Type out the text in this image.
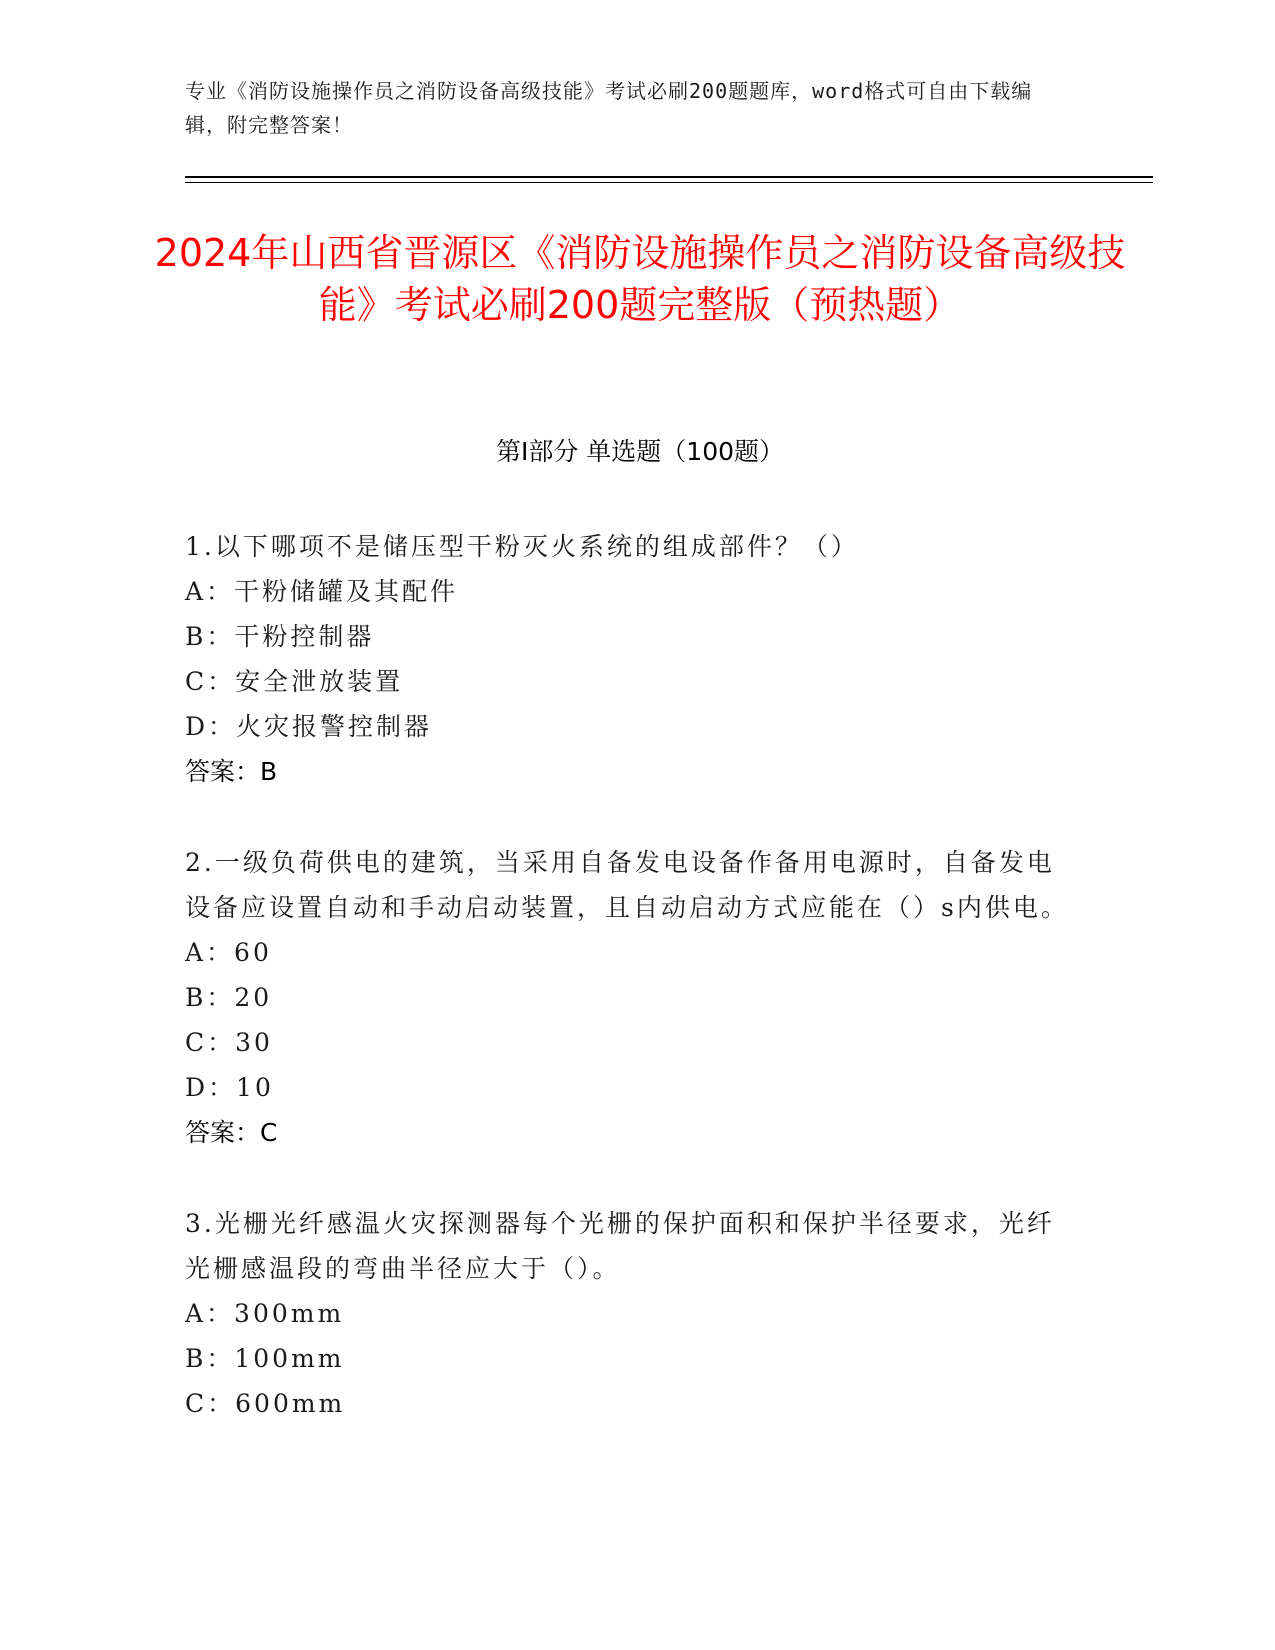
专业《消防设施操作员之消防设备高级技能》考试必刷200题题库，word格式可自由下载编辑，附完整答案！
2024年山西省晋源区《消防设施操作员之消防设备高级技能》考试必刷200题完整版（预热题）
第I部分 单选题（100题）

1.以下哪项不是储压型干粉灭火系统的组成部件？（）

A：干粉储罐及其配件
B：干粉控制器
C：安全泄放装置
D：火灾报警控制器

答案：B

2.一级负荷供电的建筑，当采用自备发电设备作备用电源时，自备发电设备应设置自动和手动启动装置，且自动启动方式应能在（）s内供电。

A：60
B：20
C：30
D：10

答案：C

3.光栅光纤感温火灾探测器每个光栅的保护面积和保护半径要求，光纤光栅感温段的弯曲半径应大于（）。

A：300mm
B：100mm
C：600mm
